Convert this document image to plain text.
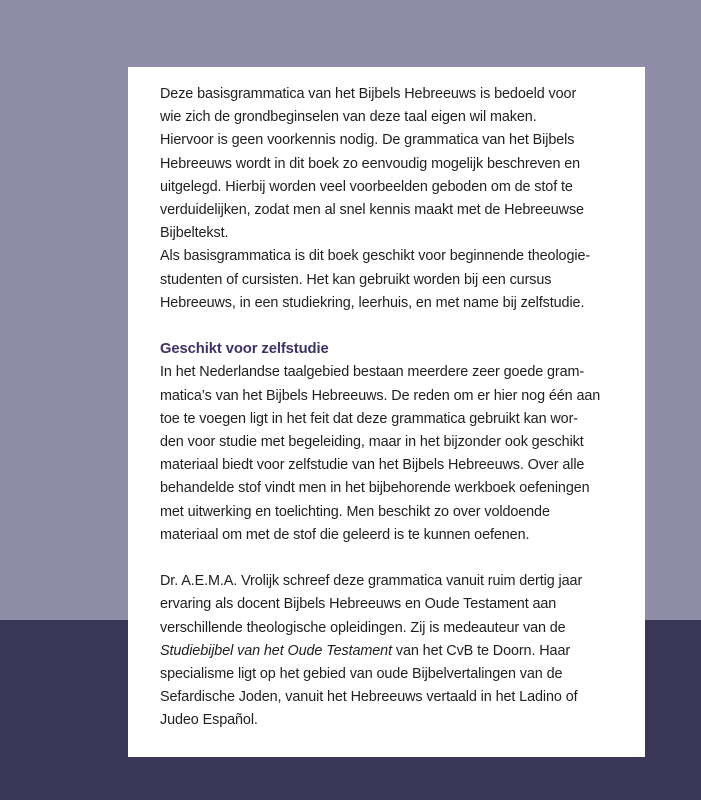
Deze basisgrammatica van het Bijbels Hebreeuws is bedoeld voor
wie zich de grondbeginselen van deze taal eigen wil maken.
Hiervoor is geen voorkennis nodig. De grammatica van het Bijbels
Hebreeuws wordt in dit boek zo eenvoudig mogelijk beschreven en
uitgelegd. Hierbij worden veel voorbeelden geboden om de stof te
verduidelijken, zodat men al snel kennis maakt met de Hebreeuwse
Bijbeltekst.
Als basisgrammatica is dit boek geschikt voor beginnende theologie-
studenten of cursisten. Het kan gebruikt worden bij een cursus
Hebreeuws, in een studiekring, leerhuis, en met name bij zelfstudie.

Geschikt voor zelfstudie

In het Nederlandse taalgebied bestaan meerdere zeer goede gram-
matica’s van het Bijbels Hebreeuws. De reden om er hier nog één aan
toe te voegen ligt in het feit dat deze grammatica gebruikt kan wor-
den voor studie met begeleiding, maar in het bijzonder ook geschikt
materiaal biedt voor zelfstudie van het Bijbels Hebreeuws. Over alle
behandelde stof vindt men in het bijbehorende werkboek oefeningen
met uitwerking en toelichting. Men beschikt zo over voldoende
materiaal om met de stof die geleerd is te kunnen oefenen.

Dr. A.E.M.A. Vrolijk schreef deze grammatica vanuit ruim dertig jaar
ervaring als docent Bijbels Hebreeuws en Oude Testament aan
verschillende theologische opleidingen. Zij is medeauteur van de
Studiebijbel van het Oude Testament van het CvB te Doorn. Haar
specialisme ligt op het gebied van oude Bijbelvertalingen van de
Sefardische Joden, vanuit het Hebreeuws vertaald in het Ladino of
Judeo Español.
